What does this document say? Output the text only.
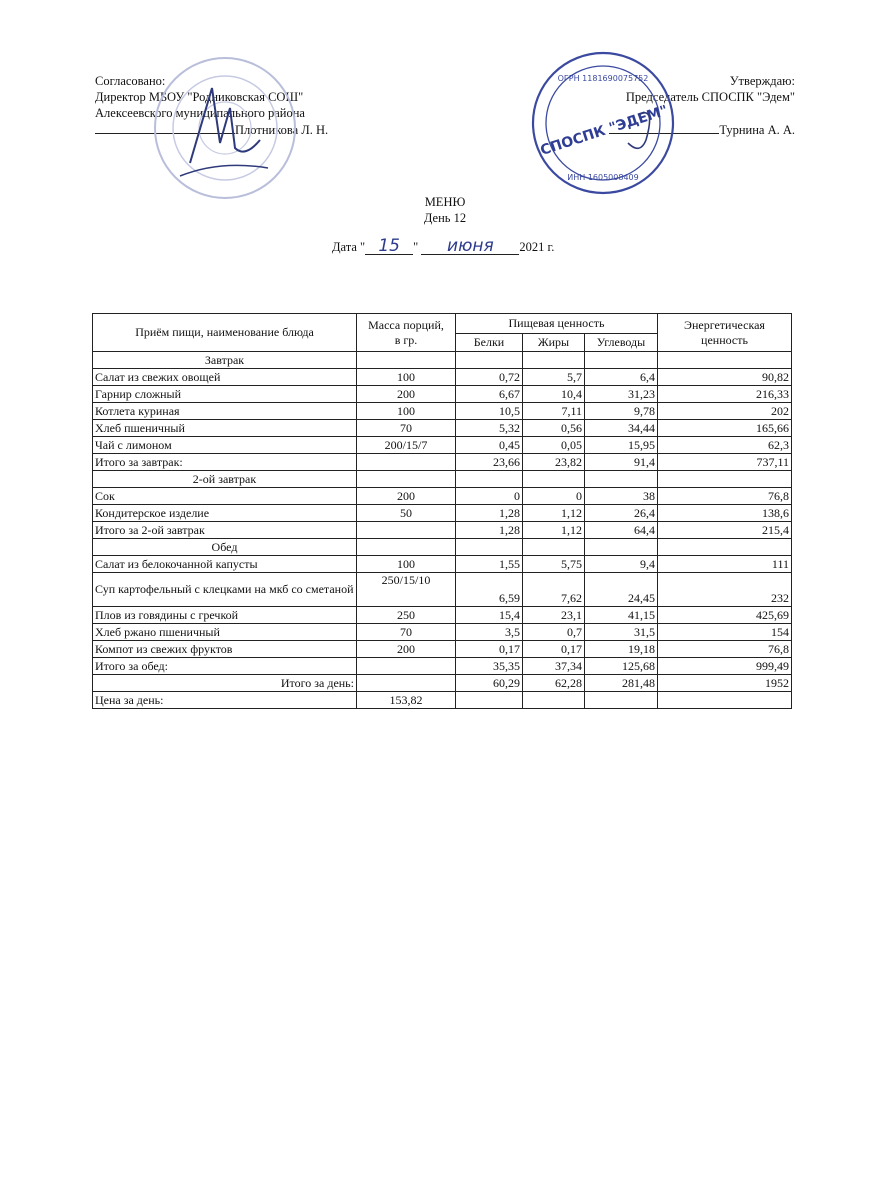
Согласовано:
Директор МБОУ "Родниковская СОШ"
Алексеевского муниципального района
Плотникова Л. Н.
Утверждаю:
Председатель СПОСПК "Эдем"
Турнина А. А.
ОГРН 1181690075752
ИНН 1605008409
СПОСПК "ЭДЕМ"
МЕНЮ
День 12
Дата " 15 " июня 2021 г.
Приём пищи, наименование блюда	Масса порций,
в гр.	Пищевая ценность			Энергетическая
ценность
		Белки	Жиры	Углеводы	
Завтрак					
Салат из свежих овощей	100	0,72	5,7	6,4	90,82
Гарнир сложный	200	6,67	10,4	31,23	216,33
Котлета куриная	100	10,5	7,11	9,78	202
Хлеб пшеничный	70	5,32	0,56	34,44	165,66
Чай с лимоном	200/15/7	0,45	0,05	15,95	62,3
Итого за завтрак:		23,66	23,82	91,4	737,11
2-ой завтрак					
Сок	200	0	0	38	76,8
Кондитерское изделие	50	1,28	1,12	26,4	138,6
Итого за 2-ой завтрак		1,28	1,12	64,4	215,4
Обед					
Салат из белокочанной капусты	100	1,55	5,75	9,4	111
Суп картофельный с клецками на мкб со сметаной	250/15/10	6,59	7,62	24,45	232
Плов из говядины с гречкой	250	15,4	23,1	41,15	425,69
Хлеб ржано пшеничный	70	3,5	0,7	31,5	154
Компот из свежих фруктов	200	0,17	0,17	19,18	76,8
Итого за обед:		35,35	37,34	125,68	999,49
Итого за день:		60,29	62,28	281,48	1952
Цена за день:	153,82				
